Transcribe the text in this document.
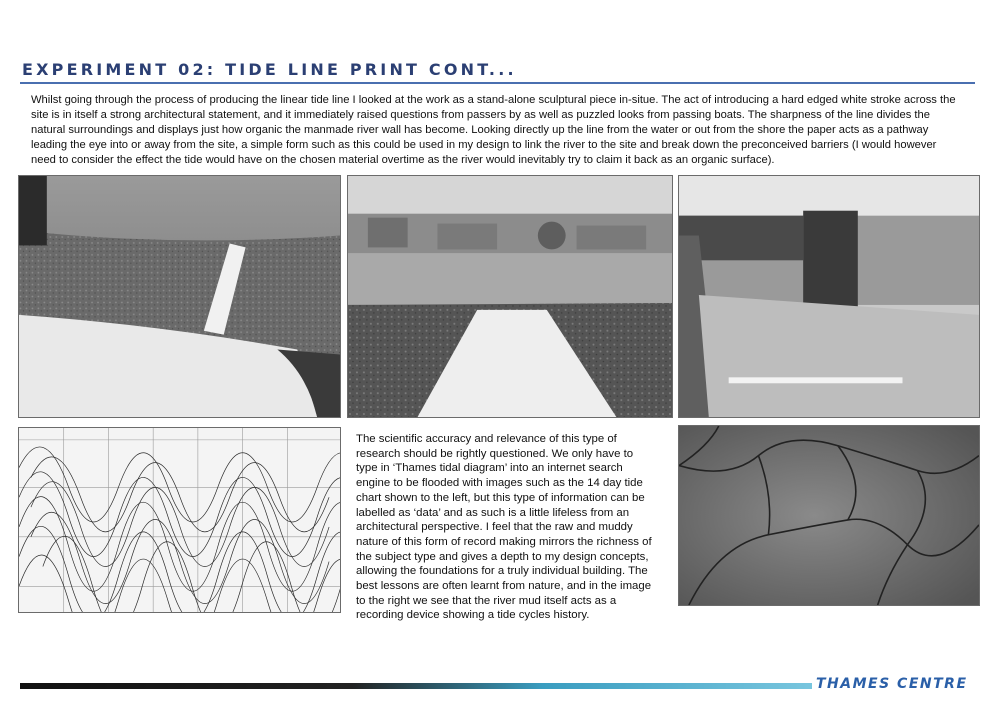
EXPERIMENT 02: TIDE LINE PRINT CONT...

Whilst going through the process of producing the linear tide line I looked at the work as a stand-alone sculptural piece in-situe. The act of introducing a hard edged white stroke across the site is in itself a strong architectural statement, and it immediately raised questions from passers by as well as puzzled looks from passing boats. The sharpness of the line divides the natural surroundings and displays just how organic the manmade river wall has become. Looking directly up the line from the water or out from the shore the paper acts as a pathway leading the eye into or away from the site, a simple form such as this could be used in my design to link the river to the site and break down the preconceived barriers (I would however need to consider the effect the tide would have on the chosen material overtime as the river would inevitably try to claim it back as an organic surface).

The scientific accuracy and relevance of this type of research should be rightly questioned. We only have to type in ‘Thames tidal diagram’ into an internet search engine to be flooded with images such as the 14 day tide chart shown to the left, but this type of information can be labelled as ‘data’ and as such is a little lifeless from an architectural perspective. I feel that the raw and muddy nature of this form of record making mirrors the richness of the subject type and gives a depth to my design concepts, allowing the foundations for a truly individual building. The best lessons are often learnt from nature, and in the image to the right we see that the river mud itself acts as a recording device showing a tide cycles history.

THAMES CENTRE
